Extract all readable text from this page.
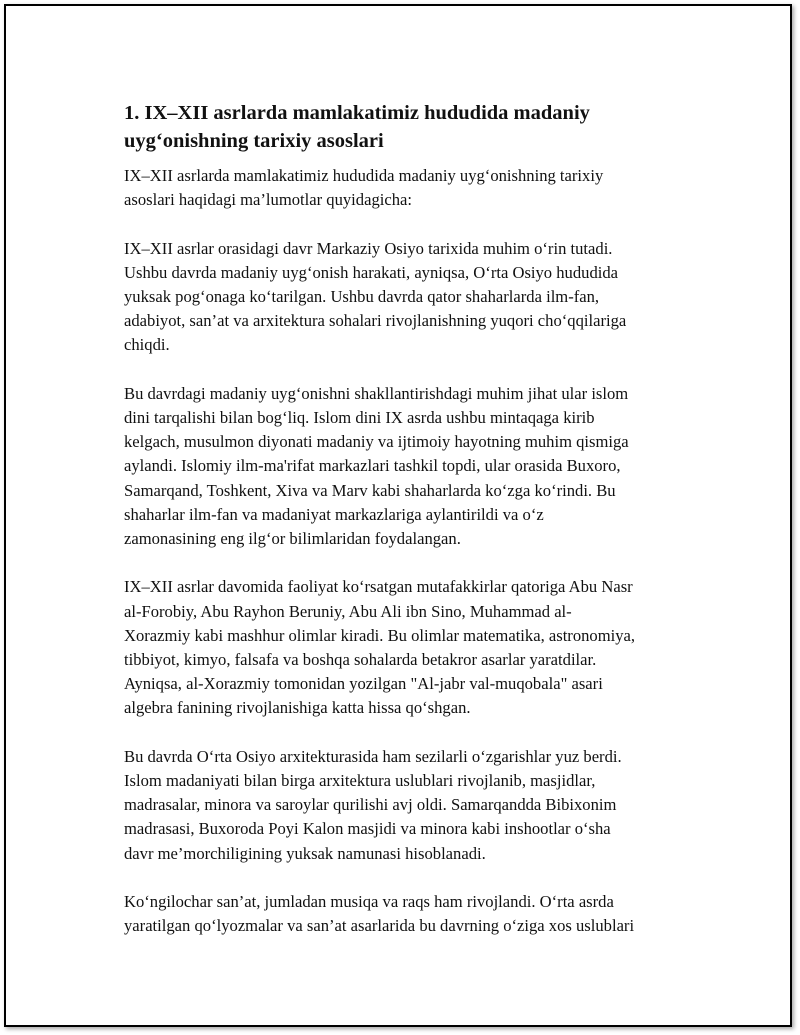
1. IX–XII asrlarda mamlakatimiz hududida madaniy
uyg‘onishning tarixiy asoslari

IX–XII asrlarda mamlakatimiz hududida madaniy uyg‘onishning tarixiy
asoslari haqidagi ma’lumotlar quyidagicha:

IX–XII asrlar orasidagi davr Markaziy Osiyo tarixida muhim o‘rin tutadi.
Ushbu davrda madaniy uyg‘onish harakati, ayniqsa, O‘rta Osiyo hududida
yuksak pog‘onaga ko‘tarilgan. Ushbu davrda qator shaharlarda ilm-fan,
adabiyot, san’at va arxitektura sohalari rivojlanishning yuqori cho‘qqilariga
chiqdi.

Bu davrdagi madaniy uyg‘onishni shakllantirishdagi muhim jihat ular islom
dini tarqalishi bilan bog‘liq. Islom dini IX asrda ushbu mintaqaga kirib
kelgach, musulmon diyonati madaniy va ijtimoiy hayotning muhim qismiga
aylandi. Islomiy ilm-ma'rifat markazlari tashkil topdi, ular orasida Buxoro,
Samarqand, Toshkent, Xiva va Marv kabi shaharlarda ko‘zga ko‘rindi. Bu
shaharlar ilm-fan va madaniyat markazlariga aylantirildi va o‘z
zamonasining eng ilg‘or bilimlaridan foydalangan.

IX–XII asrlar davomida faoliyat ko‘rsatgan mutafakkirlar qatoriga Abu Nasr
al-Forobiy, Abu Rayhon Beruniy, Abu Ali ibn Sino, Muhammad al-
Xorazmiy kabi mashhur olimlar kiradi. Bu olimlar matematika, astronomiya,
tibbiyot, kimyo, falsafa va boshqa sohalarda betakror asarlar yaratdilar.
Ayniqsa, al-Xorazmiy tomonidan yozilgan "Al-jabr val-muqobala" asari
algebra fanining rivojlanishiga katta hissa qo‘shgan.

Bu davrda O‘rta Osiyo arxitekturasida ham sezilarli o‘zgarishlar yuz berdi.
Islom madaniyati bilan birga arxitektura uslublari rivojlanib, masjidlar,
madrasalar, minora va saroylar qurilishi avj oldi. Samarqandda Bibixonim
madrasasi, Buxoroda Poyi Kalon masjidi va minora kabi inshootlar o‘sha
davr me’morchiligining yuksak namunasi hisoblanadi.

Ko‘ngilochar san’at, jumladan musiqa va raqs ham rivojlandi. O‘rta asrda
yaratilgan qo‘lyozmalar va san’at asarlarida bu davrning o‘ziga xos uslublari
